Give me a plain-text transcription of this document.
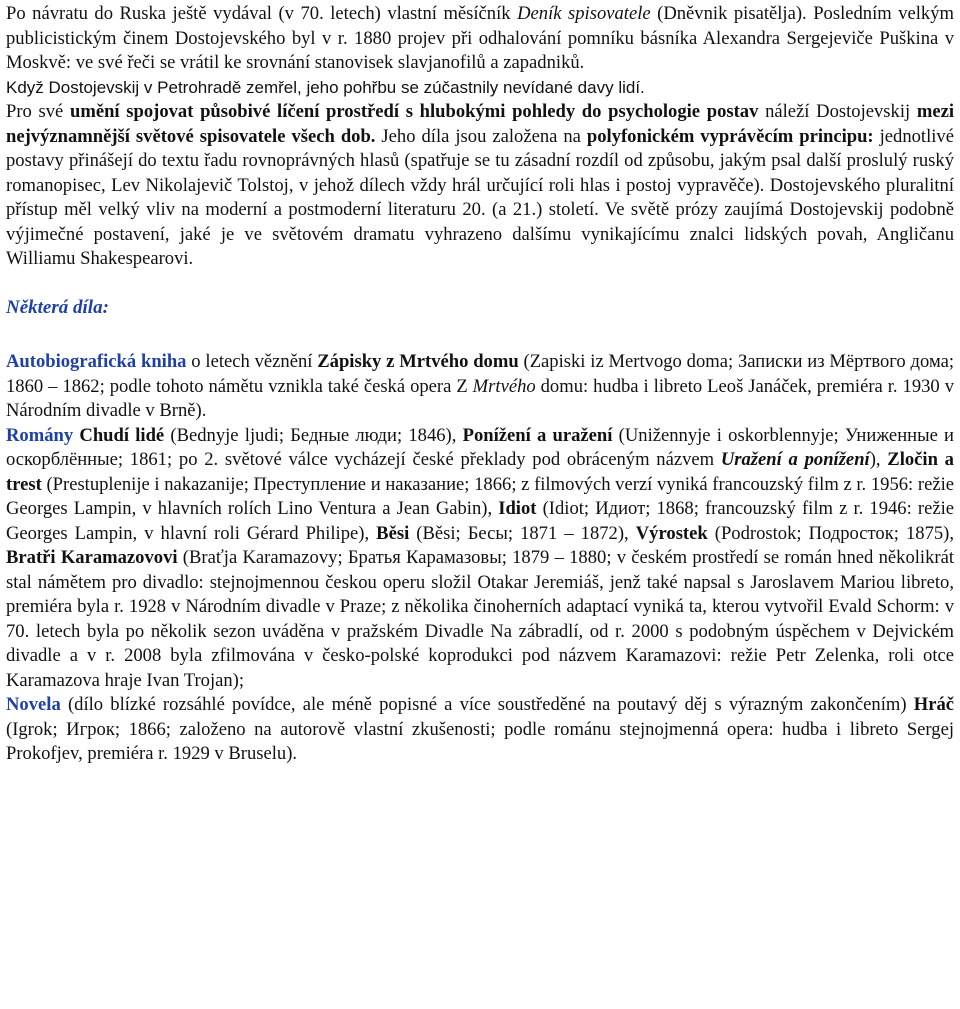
Po návratu do Ruska ještě vydával (v 70. letech) vlastní měsíčník Deník spisovatele (Dněvnik pisatělja). Posledním velkým publicistickým činem Dostojevského byl v r. 1880 projev při odhalování pomníku básníka Alexandra Sergejeviče Puškina v Moskvě: ve své řeči se vrátil ke srovnání stanovisek slavjanofilů a zapadniků.

Když Dostojevskij v Petrohradě zemřel, jeho pohřbu se zúčastnily nevídané davy lidí.

Pro své umění spojovat působivé líčení prostředí s hlubokými pohledy do psychologie postav náleží Dostojevskij mezi nejvýznamnější světové spisovatele všech dob. Jeho díla jsou založena na polyfonickém vyprávěcím principu: jednotlivé postavy přinášejí do textu řadu rovnoprávných hlasů (spatřuje se tu zásadní rozdíl od způsobu, jakým psal další proslulý ruský romanopisec, Lev Nikolajevič Tolstoj, v jehož dílech vždy hrál určující roli hlas i postoj vypravěče). Dostojevského pluralitní přístup měl velký vliv na moderní a postmoderní literaturu 20. (a 21.) století. Ve světě prózy zaujímá Dostojevskij podobně výjimečné postavení, jaké je ve světovém dramatu vyhrazeno dalšímu vynikajícímu znalci lidských povah, Angličanu Williamu Shakespearovi.

Některá díla:

Autobiografická kniha o letech věznění Zápisky z Mrtvého domu (Zapiski iz Mertvogo doma; Записки из Мёртвого дома; 1860 – 1862; podle tohoto námětu vznikla také česká opera Z Mrtvého domu: hudba i libreto Leoš Janáček, premiéra r. 1930 v Národním divadle v Brně).

Romány Chudí lidé (Bednyje ljudi; Бедные люди; 1846), Ponížení a uražení (Unižennyje i oskorblennyje; Униженные и оскорблённые; 1861; po 2. světové válce vycházejí české překlady pod obráceným názvem Uražení a ponížení), Zločin a trest (Prestuplenije i nakazanije; Преступление и наказание; 1866; z filmových verzí vyniká francouzský film z r. 1956: režie Georges Lampin, v hlavních rolích Lino Ventura a Jean Gabin), Idiot (Idiot; Идиот; 1868; francouzský film z r. 1946: režie Georges Lampin, v hlavní roli Gérard Philipe), Běsi (Běsi; Бесы; 1871 – 1872), Výrostek (Podrostok; Подросток; 1875), Bratři Karamazovovi (Braťja Karamazovy; Братья Карамазовы; 1879 – 1880; v českém prostředí se román hned několikrát stal námětem pro divadlo: stejnojmennou českou operu složil Otakar Jeremiáš, jenž také napsal s Jaroslavem Mariou libreto, premiéra byla r. 1928 v Národním divadle v Praze; z několika činoherních adaptací vyniká ta, kterou vytvořil Evald Schorm: v 70. letech byla po několik sezon uváděna v pražském Divadle Na zábradlí, od r. 2000 s podobným úspěchem v Dejvickém divadle a v r. 2008 byla zfilmována v česko-polské koprodukci pod názvem Karamazovi: režie Petr Zelenka, roli otce Karamazova hraje Ivan Trojan);

Novela (dílo blízké rozsáhlé povídce, ale méně popisné a více soustředěné na poutavý děj s výrazným zakončením) Hráč (Igrok; Игрок; 1866; založeno na autorově vlastní zkušenosti; podle románu stejnojmenná opera: hudba i libreto Sergej Prokofjev, premiéra r. 1929 v Bruselu).
